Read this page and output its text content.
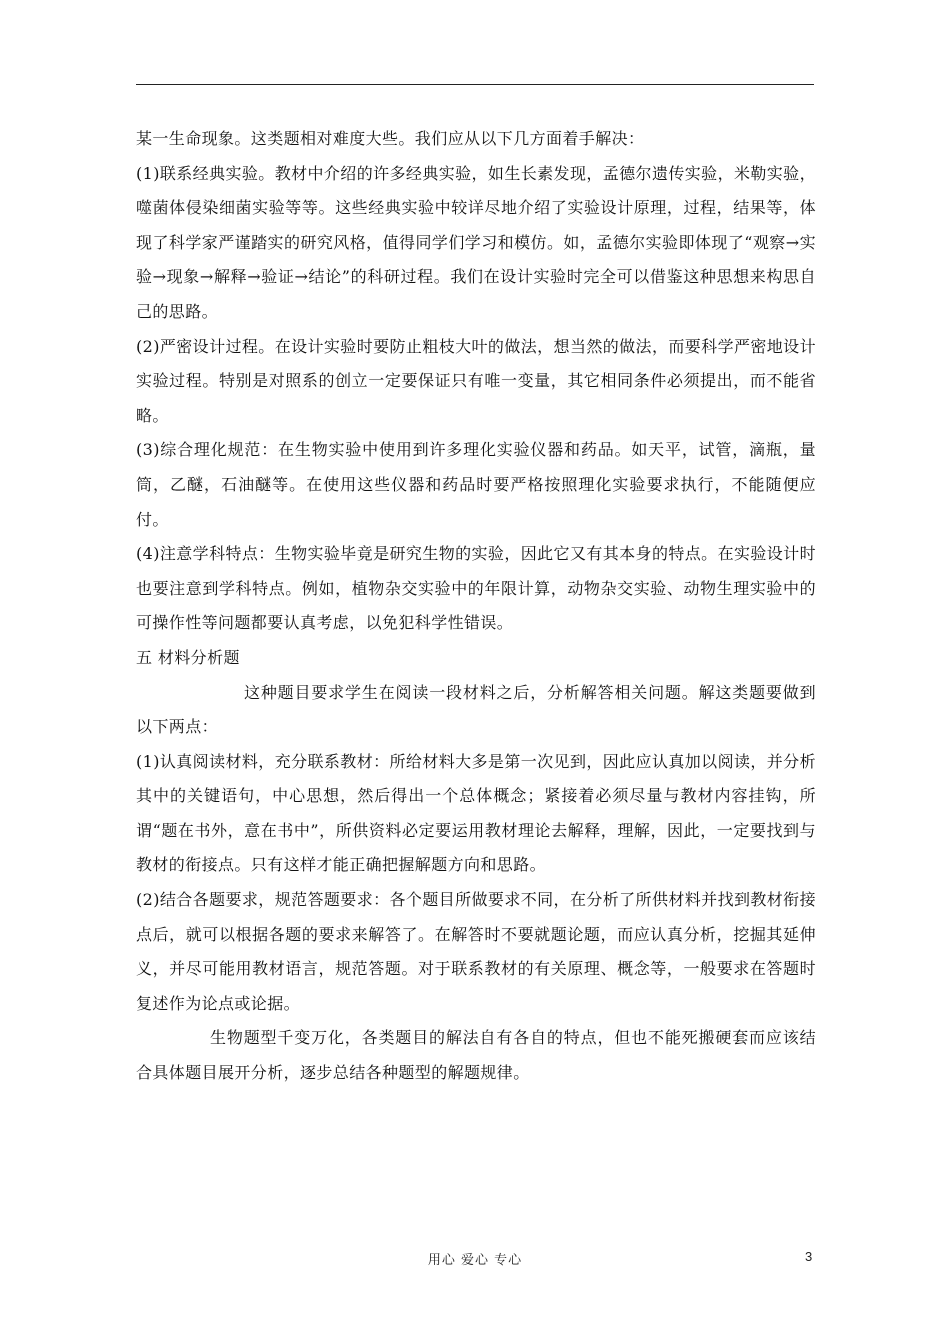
某一生命现象。这类题相对难度大些。我们应从以下几方面着手解决：

(1)联系经典实验。教材中介绍的许多经典实验，如生长素发现，孟德尔遗传实验，米勒实验，噬菌体侵染细菌实验等等。这些经典实验中较详尽地介绍了实验设计原理，过程，结果等，体现了科学家严谨踏实的研究风格，值得同学们学习和模仿。如，孟德尔实验即体现了“观察→实验→现象→解释→验证→结论”的科研过程。我们在设计实验时完全可以借鉴这种思想来构思自己的思路。

(2)严密设计过程。在设计实验时要防止粗枝大叶的做法，想当然的做法，而要科学严密地设计实验过程。特别是对照系的创立一定要保证只有唯一变量，其它相同条件必须提出，而不能省略。

(3)综合理化规范：在生物实验中使用到许多理化实验仪器和药品。如天平，试管，滴瓶，量筒，乙醚，石油醚等。在使用这些仪器和药品时要严格按照理化实验要求执行，不能随便应付。

(4)注意学科特点：生物实验毕竟是研究生物的实验，因此它又有其本身的特点。在实验设计时也要注意到学科特点。例如，植物杂交实验中的年限计算，动物杂交实验、动物生理实验中的可操作性等问题都要认真考虑，以免犯科学性错误。

五 材料分析题

这种题目要求学生在阅读一段材料之后，分析解答相关问题。解这类题要做到以下两点：

(1)认真阅读材料，充分联系教材：所给材料大多是第一次见到，因此应认真加以阅读，并分析其中的关键语句，中心思想，然后得出一个总体概念；紧接着必须尽量与教材内容挂钩，所谓“题在书外，意在书中”，所供资料必定要运用教材理论去解释，理解，因此，一定要找到与教材的衔接点。只有这样才能正确把握解题方向和思路。

(2)结合各题要求，规范答题要求：各个题目所做要求不同，在分析了所供材料并找到教材衔接点后，就可以根据各题的要求来解答了。在解答时不要就题论题，而应认真分析，挖掘其延伸义，并尽可能用教材语言，规范答题。对于联系教材的有关原理、概念等，一般要求在答题时复述作为论点或论据。

生物题型千变万化，各类题目的解法自有各自的特点，但也不能死搬硬套而应该结合具体题目展开分析，逐步总结各种题型的解题规律。

用心 爱心 专心	3
